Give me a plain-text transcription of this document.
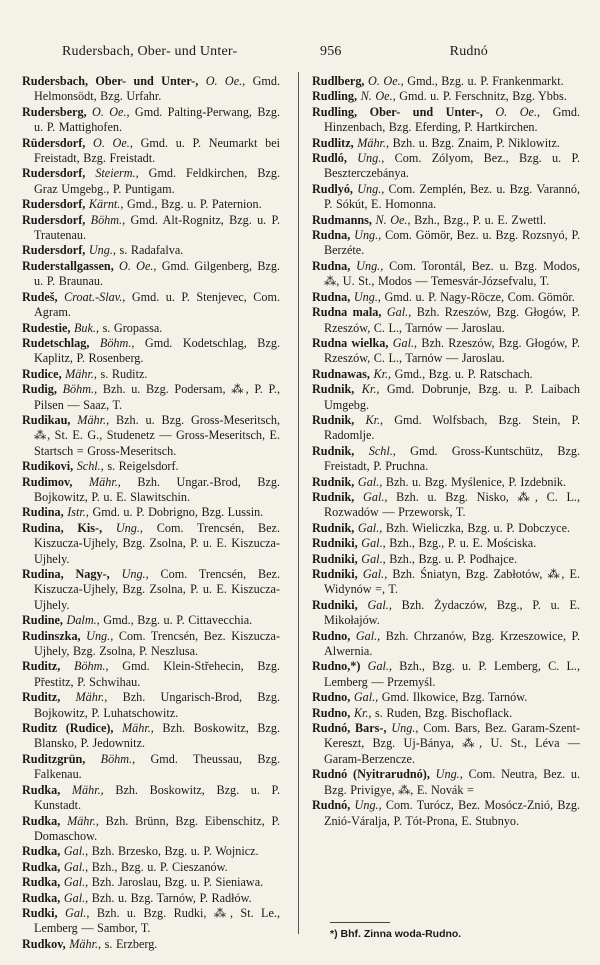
Rudersbach, Ober- und Unter-	956	Rudnó

Rudersbach, Ober- und Unter-, O. Oe., Gmd. Helmonsödt, Bzg. Urfahr.

Rudersberg, O. Oe., Gmd. Palting-Perwang, Bzg. u. P. Mattighofen.

Rüdersdorf, O. Oe., Gmd. u. P. Neumarkt bei Freistadt, Bzg. Freistadt.

Rudersdorf, Steierm., Gmd. Feldkirchen, Bzg. Graz Umgebg., P. Puntigam.

Rudersdorf, Kärnt., Gmd., Bzg. u. P. Paternion.

Rudersdorf, Böhm., Gmd. Alt-Rognitz, Bzg. u. P. Trautenau.

Rudersdorf, Ung., s. Radafalva.

Ruderstallgassen, O. Oe., Gmd. Gilgenberg, Bzg. u. P. Braunau.

Rudeš, Croat.-Slav., Gmd. u. P. Stenjevec, Com. Agram.

Rudestie, Buk., s. Gropassa.

Rudetschlag, Böhm., Gmd. Kodetschlag, Bzg. Kaplitz, P. Rosenberg.

Rudice, Mähr., s. Ruditz.

Rudig, Böhm., Bzh. u. Bzg. Podersam, ⁂, P. P., Pilsen — Saaz, T.

Rudikau, Mähr., Bzh. u. Bzg. Gross-Meseritsch, ⁂, St. E. G., Studenetz — Gross-Meseritsch, E. Startsch = Gross-Meseritsch.

Rudikovi, Schl., s. Reigelsdorf.

Rudimov, Mähr., Bzh. Ungar.-Brod, Bzg. Bojkowitz, P. u. E. Slawitschin.

Rudina, Istr., Gmd. u. P. Dobrigno, Bzg. Lussin.

Rudina, Kis-, Ung., Com. Trencsén, Bez. Kiszucza-Ujhely, Bzg. Zsolna, P. u. E. Kiszucza-Ujhely.

Rudina, Nagy-, Ung., Com. Trencsén, Bez. Kiszucza-Ujhely, Bzg. Zsolna, P. u. E. Kiszucza-Ujhely.

Rudine, Dalm., Gmd., Bzg. u. P. Cittavecchia.

Rudinszka, Ung., Com. Trencsén, Bez. Kiszucza-Ujhely, Bzg. Zsolna, P. Neszlusa.

Ruditz, Böhm., Gmd. Klein-Střehecin, Bzg. Přestitz, P. Schwihau.

Ruditz, Mähr., Bzh. Ungarisch-Brod, Bzg. Bojkowitz, P. Luhatschowitz.

Ruditz (Rudice), Mähr., Bzh. Boskowitz, Bzg. Blansko, P. Jedownitz.

Ruditzgrün, Böhm., Gmd. Theussau, Bzg. Falkenau.

Rudka, Mähr., Bzh. Boskowitz, Bzg. u. P. Kunstadt.

Rudka, Mähr., Bzh. Brünn, Bzg. Eibenschitz, P. Domaschow.

Rudka, Gal., Bzh. Brzesko, Bzg. u. P. Wojnicz.

Rudka, Gal., Bzh., Bzg. u. P. Cieszanów.

Rudka, Gal., Bzh. Jaroslau, Bzg. u. P. Sieniawa.

Rudka, Gal., Bzh. u. Bzg. Tarnów, P. Radłów.

Rudki, Gal., Bzh. u. Bzg. Rudki, ⁂, St. Le., Lemberg — Sambor, T.

Rudkov, Mähr., s. Erzberg.

Rudlberg, O. Oe., Gmd., Bzg. u. P. Frankenmarkt.

Rudling, N. Oe., Gmd. u. P. Ferschnitz, Bzg. Ybbs.

Rudling, Ober- und Unter-, O. Oe., Gmd. Hinzenbach, Bzg. Eferding, P. Hartkirchen.

Rudlitz, Mähr., Bzh. u. Bzg. Znaim, P. Niklowitz.

Rudló, Ung., Com. Zólyom, Bez., Bzg. u. P. Beszterczebánya.

Rudlyó, Ung., Com. Zemplén, Bez. u. Bzg. Varannó, P. Sókút, E. Homonna.

Rudmanns, N. Oe., Bzh., Bzg., P. u. E. Zwettl.

Rudna, Ung., Com. Gömör, Bez. u. Bzg. Rozsnyó, P. Berzéte.

Rudna, Ung., Com. Torontál, Bez. u. Bzg. Modos, ⁂, U. St., Modos — Temesvár-Józsefvalu, T.

Rudna, Ung., Gmd. u. P. Nagy-Röcze, Com. Gömör.

Rudna mala, Gal., Bzh. Rzeszów, Bzg. Głogów, P. Rzeszów, C. L., Tarnów — Jaroslau.

Rudna wielka, Gal., Bzh. Rzeszów, Bzg. Głogów, P. Rzeszów, C. L., Tarnów — Jaroslau.

Rudnawas, Kr., Gmd., Bzg. u. P. Ratschach.

Rudnik, Kr., Gmd. Dobrunje, Bzg. u. P. Laibach Umgebg.

Rudnik, Kr., Gmd. Wolfsbach, Bzg. Stein, P. Radomlje.

Rudnik, Schl., Gmd. Gross-Kuntschütz, Bzg. Freistadt, P. Pruchna.

Rudnik, Gal., Bzh. u. Bzg. Myślenice, P. Izdebnik.

Rudnik, Gal., Bzh. u. Bzg. Nisko, ⁂, C. L., Rozwadów — Przeworsk, T.

Rudnik, Gal., Bzh. Wieliczka, Bzg. u. P. Dobczyce.

Rudniki, Gal., Bzh., Bzg., P. u. E. Mościska.

Rudniki, Gal., Bzh., Bzg. u. P. Podhajce.

Rudniki, Gal., Bzh. Śniatyn, Bzg. Zabłotów, ⁂, E. Widynów =, T.

Rudniki, Gal., Bzh. Żydaczów, Bzg., P. u. E. Mikołajów.

Rudno, Gal., Bzh. Chrzanów, Bzg. Krzeszowice, P. Alwernia.

Rudno,*) Gal., Bzh., Bzg. u. P. Lemberg, C. L., Lemberg — Przemyśl.

Rudno, Gal., Gmd. Ilkowice, Bzg. Tarnów.

Rudno, Kr., s. Ruden, Bzg. Bischoflack.

Rudnó, Bars-, Ung., Com. Bars, Bez. Garam-Szent-Kereszt, Bzg. Uj-Bánya, ⁂, U. St., Léva — Garam-Berzencze.

Rudnó (Nyitrarudnó), Ung., Com. Neutra, Bez. u. Bzg. Privigye, ⁂, E. Novák =

Rudnó, Ung., Com. Turócz, Bez. Mosócz-Znió, Bzg. Znió-Váralja, P. Tót-Prona, E. Stubnyo.

*) Bhf. Zinna woda-Rudno.
